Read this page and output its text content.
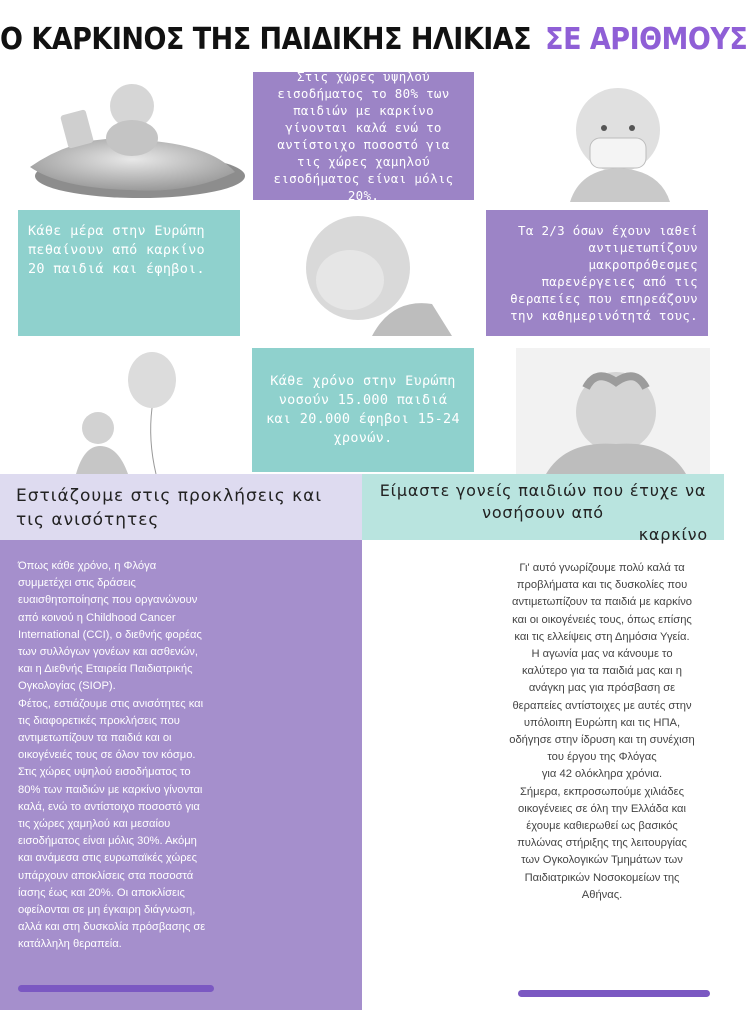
Ο ΚΑΡΚΙΝΟΣ ΤΗΣ ΠΑΙΔΙΚΗΣ ΗΛΙΚΙΑΣ ΣΕ ΑΡΙΘΜΟΥΣ
Στις χώρες υψηλού εισοδήματος το 80% των παιδιών με καρκίνο γίνονται καλά ενώ το αντίστοιχο ποσοστό για τις χώρες χαμηλού εισοδήματος είναι μόλις 20%.
Κάθε μέρα στην Ευρώπη πεθαίνουν από καρκίνο 20 παιδιά και έφηβοι.
Τα 2/3 όσων έχουν ιαθεί αντιμετωπίζουν μακροπρόθεσμες παρενέργειες από τις θεραπείες που επηρεάζουν την καθημερινότητά τους.
Κάθε χρόνο στην Ευρώπη νοσούν 15.000 παιδιά και 20.000 έφηβοι 15-24 χρονών.
Εστιάζουμε στις προκλήσεις και τις ανισότητες
Είμαστε γονείς παιδιών που έτυχε να νοσήσουν από
καρκίνο
Όπως κάθε χρόνο, η Φλόγα
συμμετέχει στις δράσεις
ευαισθητοποίησης που οργανώνουν
από κοινού η Childhood Cancer
International (CCI), ο διεθνής φορέας
των συλλόγων γονέων και ασθενών,
και η Διεθνής Εταιρεία Παιδιατρικής
Ογκολογίας (SIOP).
Φέτος, εστιάζουμε στις ανισότητες και
τις διαφορετικές προκλήσεις που
αντιμετωπίζουν τα παιδιά και οι
οικογένειές τους σε όλον τον κόσμο.
Στις χώρες υψηλού εισοδήματος το
80% των παιδιών με καρκίνο γίνονται
καλά, ενώ το αντίστοιχο ποσοστό για
τις χώρες χαμηλού και μεσαίου
εισοδήματος είναι μόλις 30%. Ακόμη
και ανάμεσα στις ευρωπαϊκές χώρες
υπάρχουν αποκλίσεις στα ποσοστά
ίασης έως και 20%. Οι αποκλίσεις
οφείλονται σε μη έγκαιρη διάγνωση,
αλλά και στη δυσκολία πρόσβασης σε
κατάλληλη θεραπεία.
Γι' αυτό γνωρίζουμε πολύ καλά τα
προβλήματα και τις δυσκολίες που
αντιμετωπίζουν τα παιδιά με καρκίνο
και οι οικογένειές τους, όπως επίσης
και τις ελλείψεις στη Δημόσια Υγεία.
Η αγωνία μας να κάνουμε το
καλύτερο για τα παιδιά μας και η
ανάγκη μας για πρόσβαση σε
θεραπείες αντίστοιχες με αυτές στην
υπόλοιπη Ευρώπη και τις ΗΠΑ,
οδήγησε στην ίδρυση και τη συνέχιση
του έργου της Φλόγας
για 42 ολόκληρα χρόνια.
Σήμερα, εκπροσωπούμε χιλιάδες
οικογένειες σε όλη την Ελλάδα και
έχουμε καθιερωθεί ως βασικός
πυλώνας στήριξης της λειτουργίας
των Ογκολογικών Τμημάτων των
Παιδιατρικών Νοσοκομείων της
Αθήνας.
